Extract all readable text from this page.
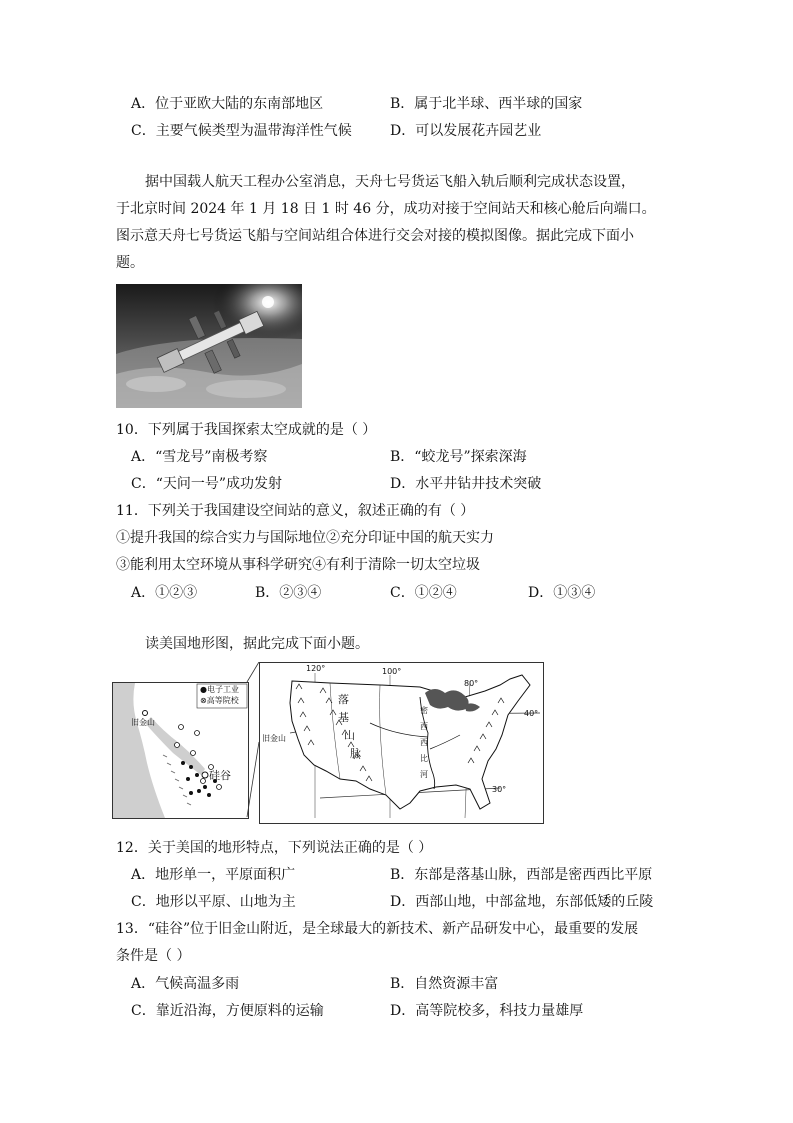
A．位于亚欧大陆的东南部地区	B．属于北半球、西半球的国家
C．主要气候类型为温带海洋性气候	D．可以发展花卉园艺业
据中国载人航天工程办公室消息，天舟七号货运飞船入轨后顺利完成状态设置，
于北京时间 2024 年 1 月 18 日 1 时 46 分，成功对接于空间站天和核心舱后向端口。
图示意天舟七号货运飞船与空间站组合体进行交会对接的模拟图像。据此完成下面小
题。
10．下列属于我国探索太空成就的是（ ）
A．“雪龙号”南极考察	B．“蛟龙号”探索深海
C．“天问一号”成功发射	D．水平井钻井技术突破
11．下列关于我国建设空间站的意义，叙述正确的有（ ）
①提升我国的综合实力与国际地位②充分印证中国的航天实力
③能利用太空环境从事科学研究④有利于清除一切太空垃圾
A．①②③	B．②③④	C．①②④	D．①③④
读美国地形图，据此完成下面小题。
●电子工业
⊗高等院校
旧金山
硅谷
120°	100°
80°
40°
30°
落
基
山
脉
密
西
西
比
河
旧金山
12．关于美国的地形特点，下列说法正确的是（ ）
A．地形单一，平原面积广	B．东部是落基山脉，西部是密西西比平原
C．地形以平原、山地为主	D．西部山地，中部盆地，东部低矮的丘陵
13．“硅谷”位于旧金山附近，是全球最大的新技术、新产品研发中心，最重要的发展
条件是（ ）
A．气候高温多雨	B．自然资源丰富
C．靠近沿海，方便原料的运输	D．高等院校多，科技力量雄厚
